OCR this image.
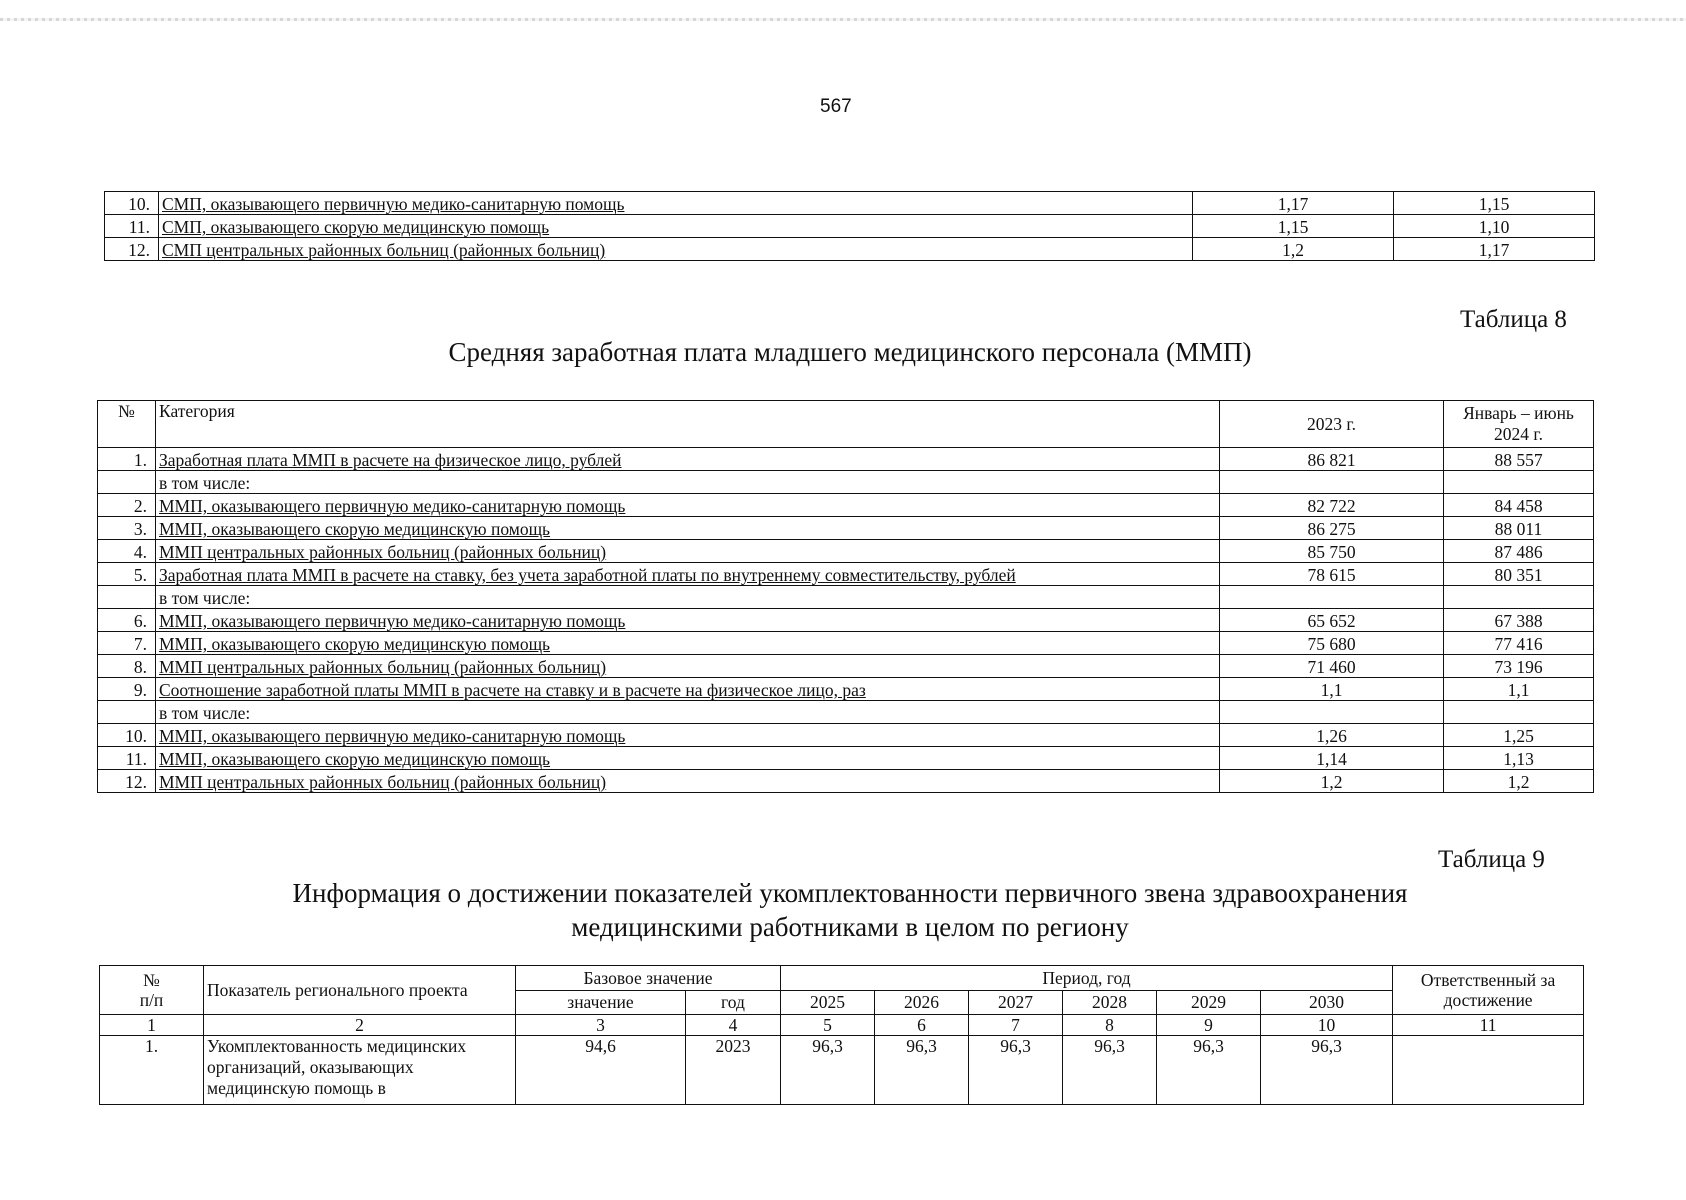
567
10.	СМП, оказывающего первичную медико-санитарную помощь	1,17	1,15
11.	СМП, оказывающего скорую медицинскую помощь	1,15	1,10
12.	СМП центральных районных больниц (районных больниц)	1,2	1,17
Таблица 8
Средняя заработная плата младшего медицинского персонала (ММП)
№	Категория	2023 г.	Январь – июнь
2024 г.
1.	Заработная плата ММП в расчете на физическое лицо, рублей	86 821	88 557
	в том числе:		
2.	ММП, оказывающего первичную медико-санитарную помощь	82 722	84 458
3.	ММП, оказывающего скорую медицинскую помощь	86 275	88 011
4.	ММП центральных районных больниц (районных больниц)	85 750	87 486
5.	Заработная плата ММП в расчете на ставку, без учета заработной платы по внутреннему совместительству, рублей	78 615	80 351
	в том числе:		
6.	ММП, оказывающего первичную медико-санитарную помощь	65 652	67 388
7.	ММП, оказывающего скорую медицинскую помощь	75 680	77 416
8.	ММП центральных районных больниц (районных больниц)	71 460	73 196
9.	Соотношение заработной платы ММП в расчете на ставку и в расчете на физическое лицо, раз	1,1	1,1
	в том числе:		
10.	ММП, оказывающего первичную медико-санитарную помощь	1,26	1,25
11.	ММП, оказывающего скорую медицинскую помощь	1,14	1,13
12.	ММП центральных районных больниц (районных больниц)	1,2	1,2
Таблица 9
Информация о достижении показателей укомплектованности первичного звена здравоохранения
медицинскими работниками в целом по региону
№
п/п	Показатель регионального проекта	Базовое значение		Период, год						Ответственный за
достижение
		значение	год	2025	2026	2027	2028	2029	2030	
1	2	3	4	5	6	7	8	9	10	11
1.	Укомплектованность медицинских
организаций, оказывающих
медицинскую помощь в	94,6	2023	96,3	96,3	96,3	96,3	96,3	96,3	
